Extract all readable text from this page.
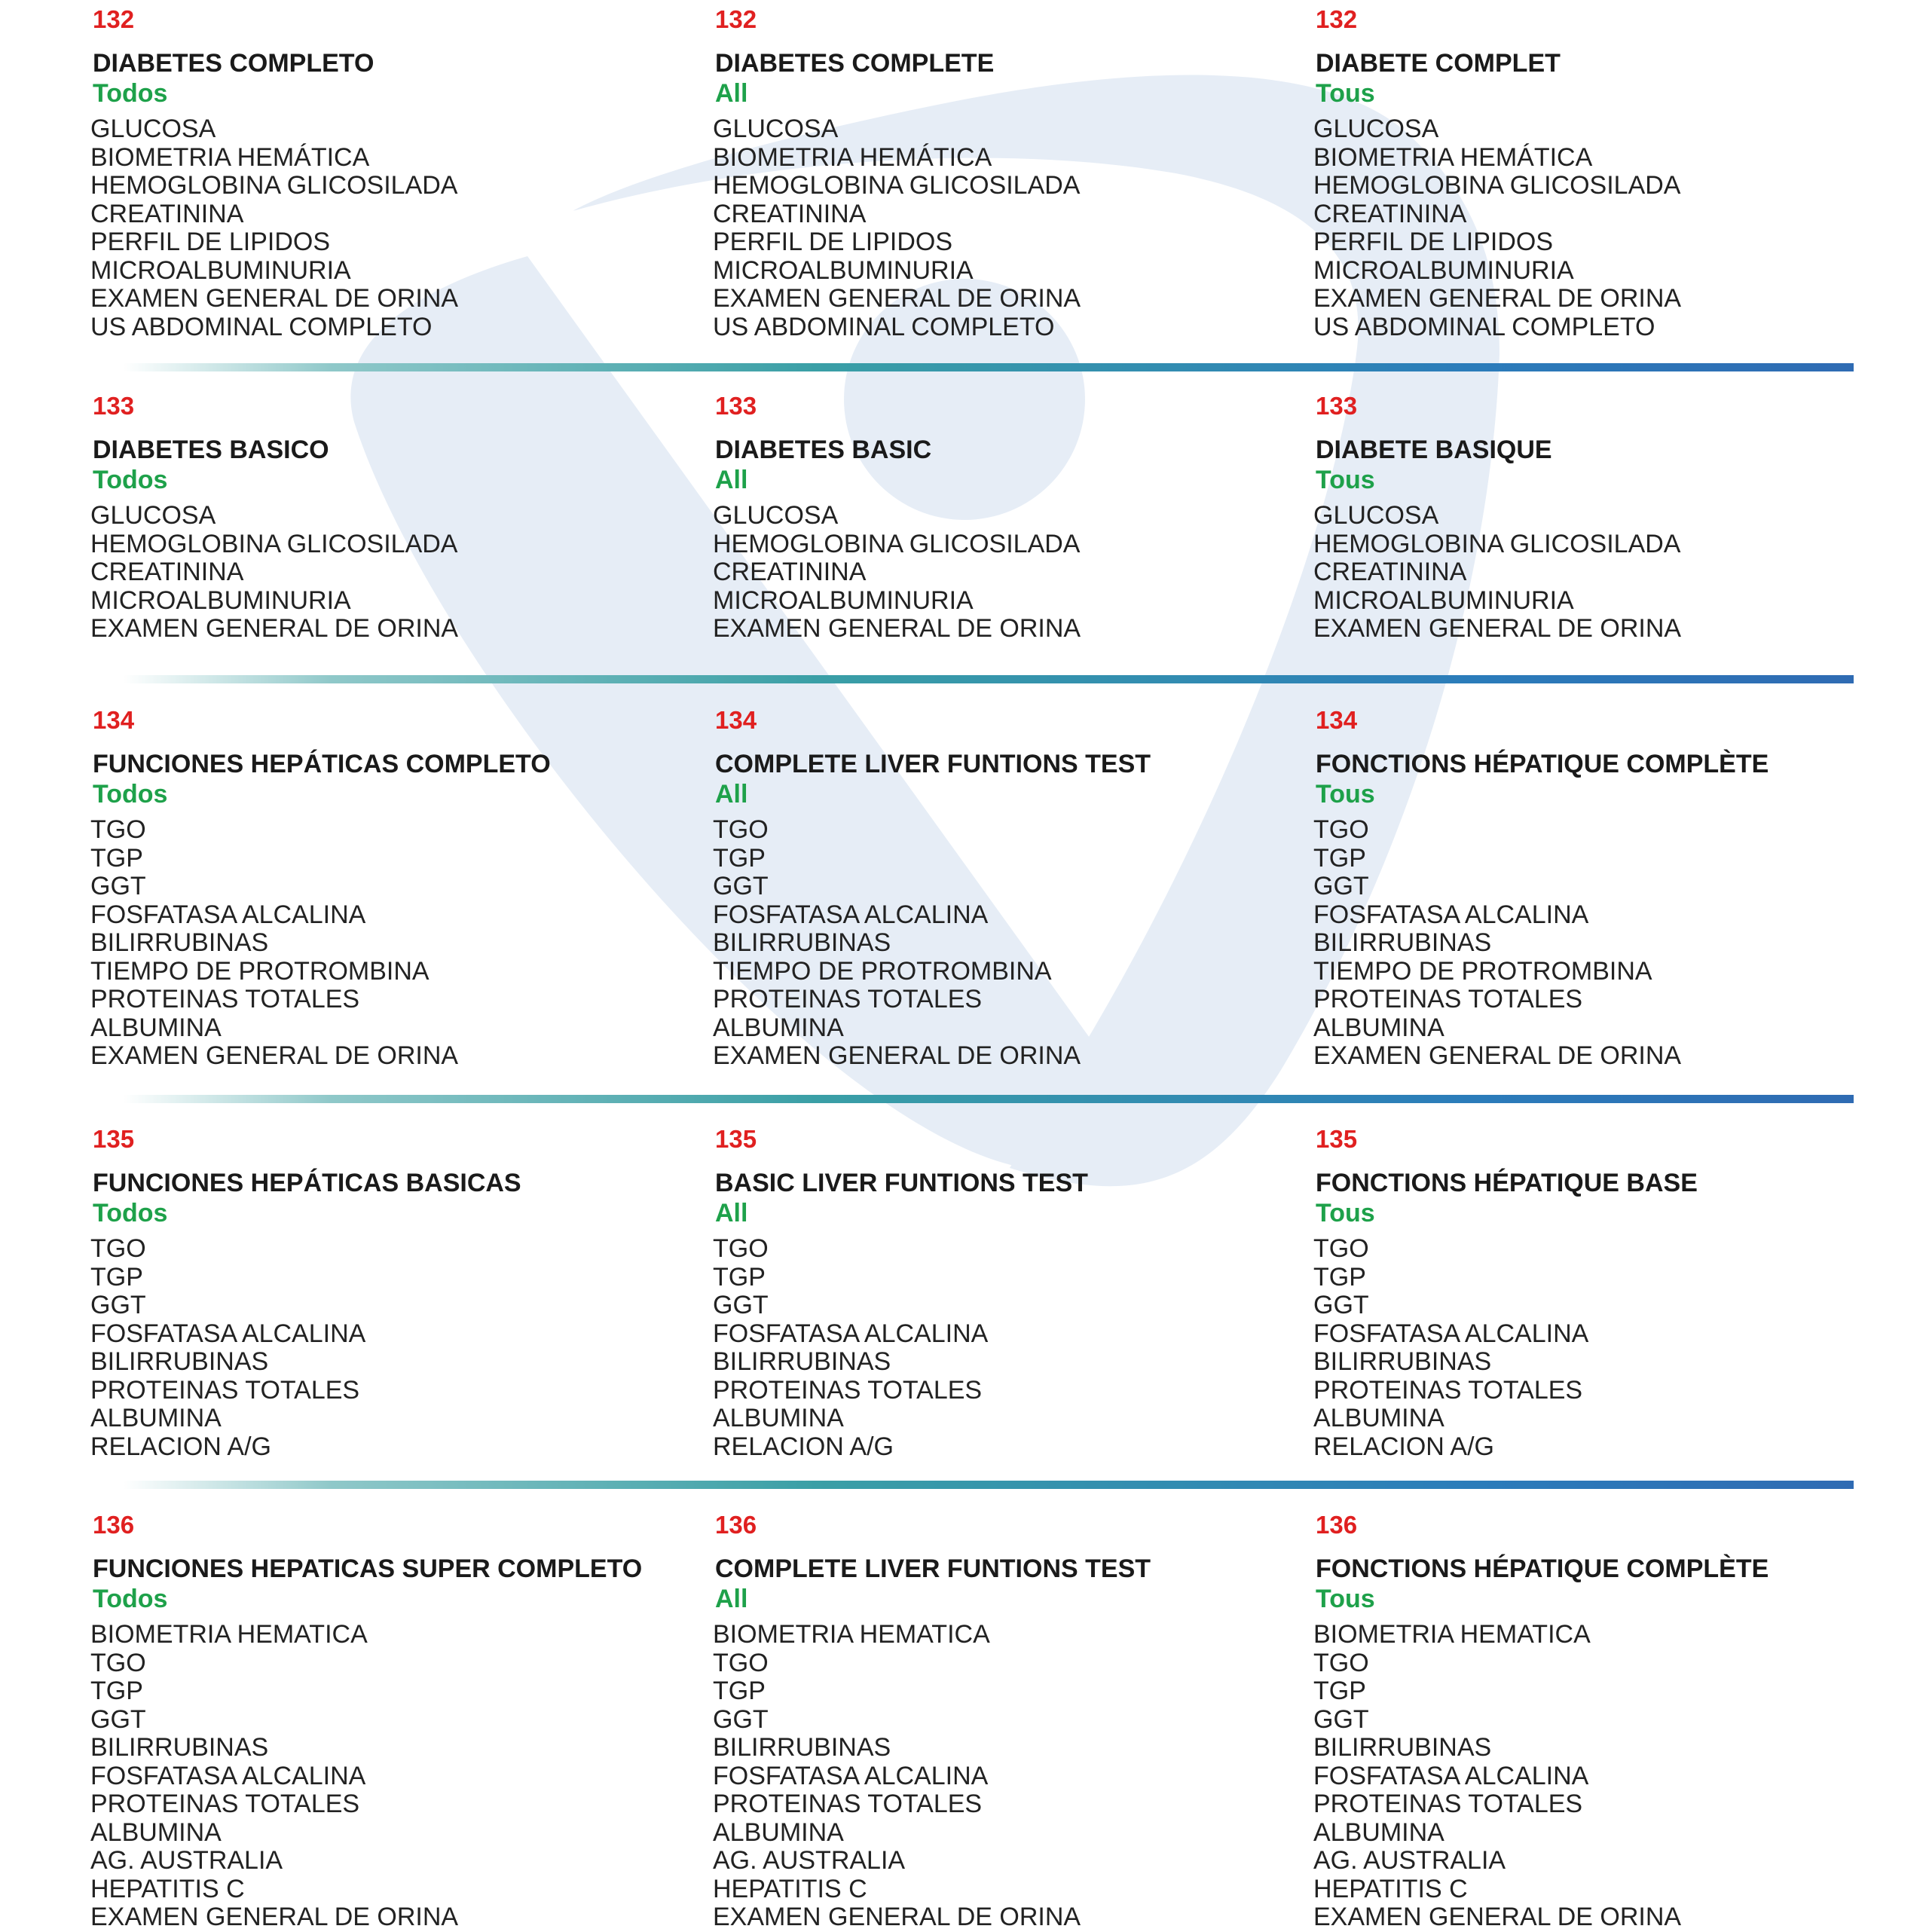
132
DIABETES COMPLETO
Todos
GLUCOSA
BIOMETRIA HEMÁTICA
HEMOGLOBINA GLICOSILADA
CREATININA
PERFIL DE LIPIDOS
MICROALBUMINURIA
EXAMEN GENERAL DE ORINA
US ABDOMINAL COMPLETO
133
DIABETES BASICO
Todos
GLUCOSA
HEMOGLOBINA GLICOSILADA
CREATININA
MICROALBUMINURIA
EXAMEN GENERAL DE ORINA
134
FUNCIONES HEPÁTICAS COMPLETO
Todos
TGO
TGP
GGT
FOSFATASA ALCALINA
BILIRRUBINAS
TIEMPO DE PROTROMBINA
PROTEINAS TOTALES
ALBUMINA
EXAMEN GENERAL DE ORINA
135
FUNCIONES HEPÁTICAS BASICAS
Todos
TGO
TGP
GGT
FOSFATASA ALCALINA
BILIRRUBINAS
PROTEINAS TOTALES
ALBUMINA
RELACION A/G
136
FUNCIONES HEPATICAS SUPER COMPLETO
Todos
BIOMETRIA HEMATICA
TGO
TGP
GGT
BILIRRUBINAS
FOSFATASA ALCALINA
PROTEINAS TOTALES
ALBUMINA
AG. AUSTRALIA
HEPATITIS C
EXAMEN GENERAL DE ORINA
132
DIABETES COMPLETE
All
GLUCOSA
BIOMETRIA HEMÁTICA
HEMOGLOBINA GLICOSILADA
CREATININA
PERFIL DE LIPIDOS
MICROALBUMINURIA
EXAMEN GENERAL DE ORINA
US ABDOMINAL COMPLETO
133
DIABETES BASIC
All
GLUCOSA
HEMOGLOBINA GLICOSILADA
CREATININA
MICROALBUMINURIA
EXAMEN GENERAL DE ORINA
134
COMPLETE LIVER FUNTIONS TEST
All
TGO
TGP
GGT
FOSFATASA ALCALINA
BILIRRUBINAS
TIEMPO DE PROTROMBINA
PROTEINAS TOTALES
ALBUMINA
EXAMEN GENERAL DE ORINA
135
BASIC LIVER FUNTIONS TEST
All
TGO
TGP
GGT
FOSFATASA ALCALINA
BILIRRUBINAS
PROTEINAS TOTALES
ALBUMINA
RELACION A/G
136
COMPLETE LIVER FUNTIONS TEST
All
BIOMETRIA HEMATICA
TGO
TGP
GGT
BILIRRUBINAS
FOSFATASA ALCALINA
PROTEINAS TOTALES
ALBUMINA
AG. AUSTRALIA
HEPATITIS C
EXAMEN GENERAL DE ORINA
132
DIABETE COMPLET
Tous
GLUCOSA
BIOMETRIA HEMÁTICA
HEMOGLOBINA GLICOSILADA
CREATININA
PERFIL DE LIPIDOS
MICROALBUMINURIA
EXAMEN GENERAL DE ORINA
US ABDOMINAL COMPLETO
133
DIABETE BASIQUE
Tous
GLUCOSA
HEMOGLOBINA GLICOSILADA
CREATININA
MICROALBUMINURIA
EXAMEN GENERAL DE ORINA
134
FONCTIONS HÉPATIQUE COMPLÈTE
Tous
TGO
TGP
GGT
FOSFATASA ALCALINA
BILIRRUBINAS
TIEMPO DE PROTROMBINA
PROTEINAS TOTALES
ALBUMINA
EXAMEN GENERAL DE ORINA
135
FONCTIONS HÉPATIQUE BASE
Tous
TGO
TGP
GGT
FOSFATASA ALCALINA
BILIRRUBINAS
PROTEINAS TOTALES
ALBUMINA
RELACION A/G
136
FONCTIONS HÉPATIQUE COMPLÈTE
Tous
BIOMETRIA HEMATICA
TGO
TGP
GGT
BILIRRUBINAS
FOSFATASA ALCALINA
PROTEINAS TOTALES
ALBUMINA
AG. AUSTRALIA
HEPATITIS C
EXAMEN GENERAL DE ORINA
